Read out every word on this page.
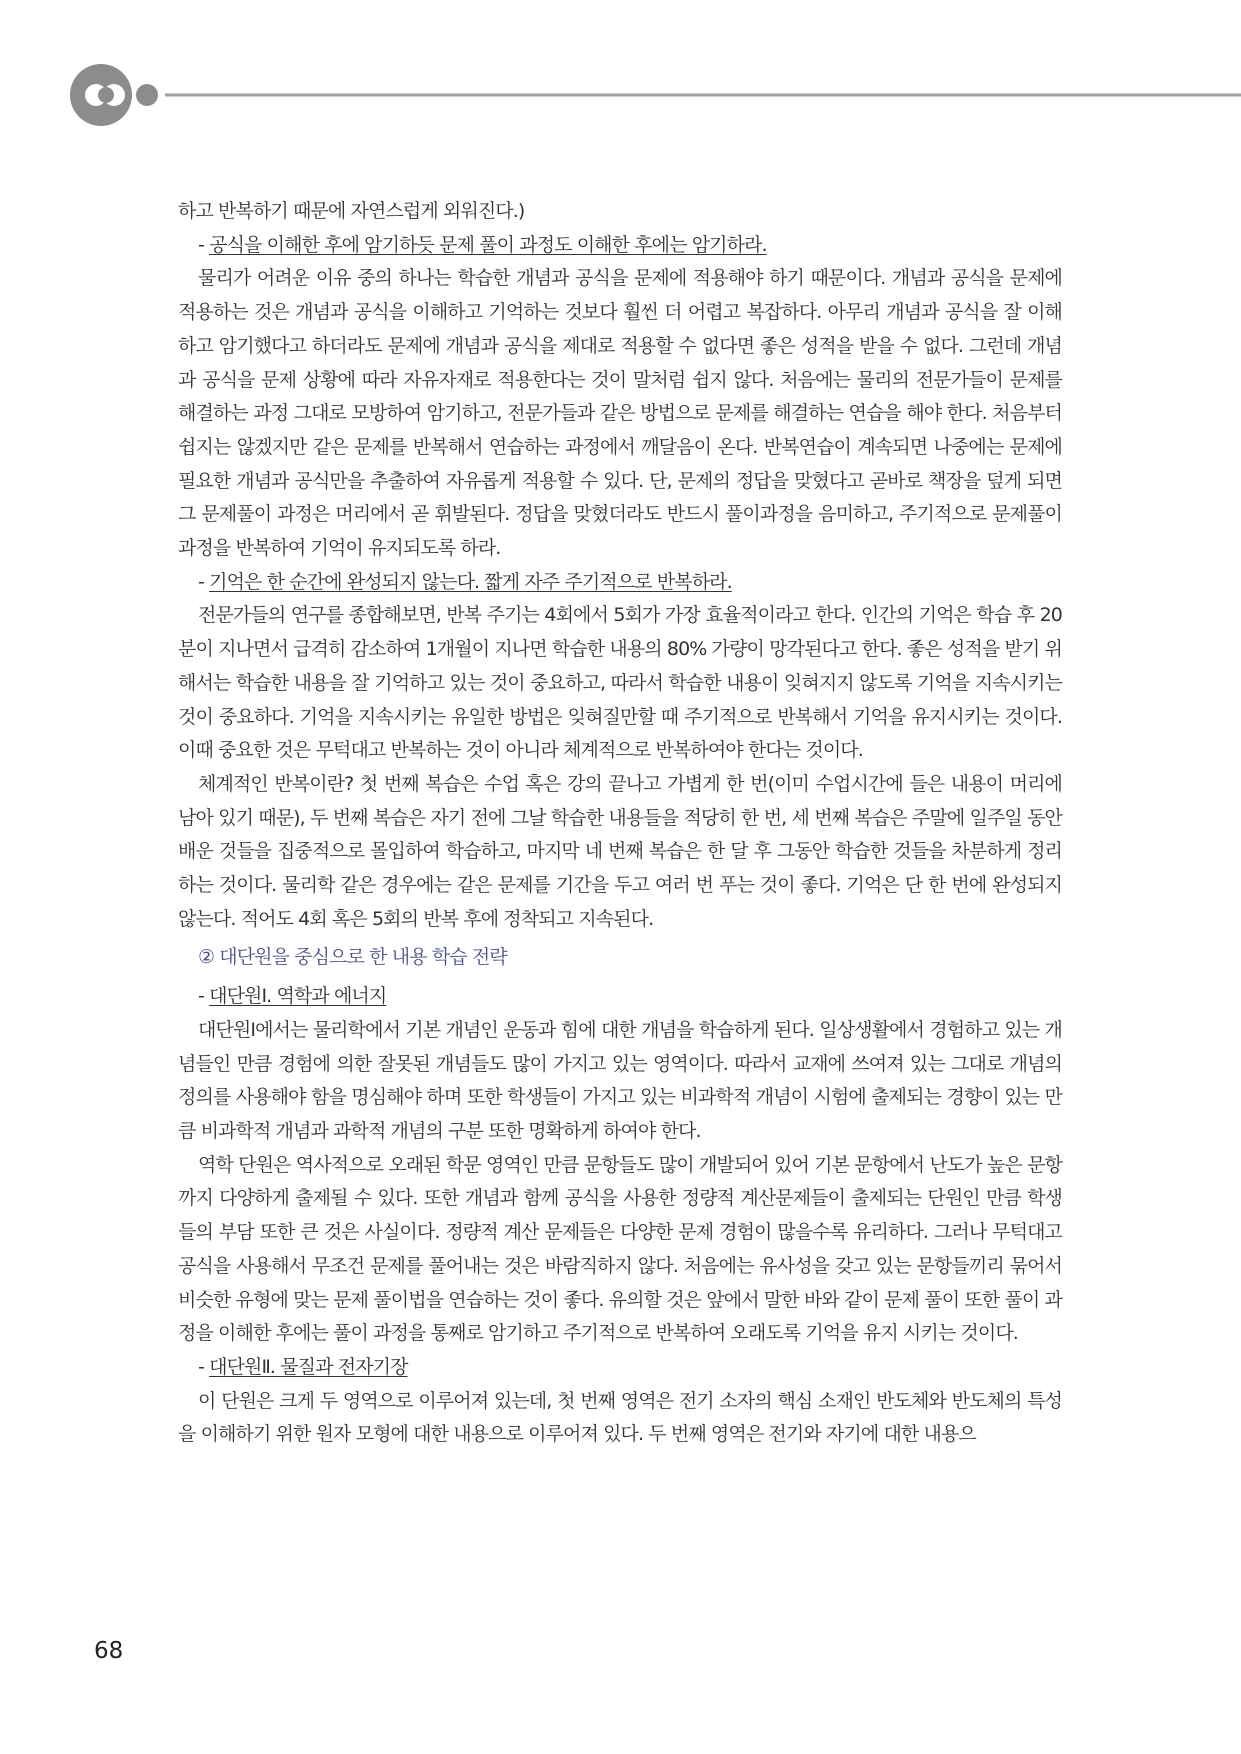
하고 반복하기 때문에 자연스럽게 외워진다.)

- 공식을 이해한 후에 암기하듯 문제 풀이 과정도 이해한 후에는 암기하라.

물리가 어려운 이유 중의 하나는 학습한 개념과 공식을 문제에 적용해야 하기 때문이다. 개념과 공식을 문제에 적용하는 것은 개념과 공식을 이해하고 기억하는 것보다 훨씬 더 어렵고 복잡하다. 아무리 개념과 공식을 잘 이해하고 암기했다고 하더라도 문제에 개념과 공식을 제대로 적용할 수 없다면 좋은 성적을 받을 수 없다. 그런데 개념과 공식을 문제 상황에 따라 자유자재로 적용한다는 것이 말처럼 쉽지 않다. 처음에는 물리의 전문가들이 문제를 해결하는 과정 그대로 모방하여 암기하고, 전문가들과 같은 방법으로 문제를 해결하는 연습을 해야 한다. 처음부터 쉽지는 않겠지만 같은 문제를 반복해서 연습하는 과정에서 깨달음이 온다. 반복연습이 계속되면 나중에는 문제에 필요한 개념과 공식만을 추출하여 자유롭게 적용할 수 있다. 단, 문제의 정답을 맞혔다고 곧바로 책장을 덮게 되면 그 문제풀이 과정은 머리에서 곧 휘발된다. 정답을 맞혔더라도 반드시 풀이과정을 음미하고, 주기적으로 문제풀이 과정을 반복하여 기억이 유지되도록 하라.

- 기억은 한 순간에 완성되지 않는다. 짧게 자주 주기적으로 반복하라.

전문가들의 연구를 종합해보면, 반복 주기는 4회에서 5회가 가장 효율적이라고 한다. 인간의 기억은 학습 후 20분이 지나면서 급격히 감소하여 1개월이 지나면 학습한 내용의 80% 가량이 망각된다고 한다. 좋은 성적을 받기 위해서는 학습한 내용을 잘 기억하고 있는 것이 중요하고, 따라서 학습한 내용이 잊혀지지 않도록 기억을 지속시키는 것이 중요하다. 기억을 지속시키는 유일한 방법은 잊혀질만할 때 주기적으로 반복해서 기억을 유지시키는 것이다. 이때 중요한 것은 무턱대고 반복하는 것이 아니라 체계적으로 반복하여야 한다는 것이다.

체계적인 반복이란? 첫 번째 복습은 수업 혹은 강의 끝나고 가볍게 한 번(이미 수업시간에 들은 내용이 머리에 남아 있기 때문), 두 번째 복습은 자기 전에 그날 학습한 내용들을 적당히 한 번, 세 번째 복습은 주말에 일주일 동안 배운 것들을 집중적으로 몰입하여 학습하고, 마지막 네 번째 복습은 한 달 후 그동안 학습한 것들을 차분하게 정리하는 것이다. 물리학 같은 경우에는 같은 문제를 기간을 두고 여러 번 푸는 것이 좋다. 기억은 단 한 번에 완성되지 않는다. 적어도 4회 혹은 5회의 반복 후에 정착되고 지속된다.

② 대단원을 중심으로 한 내용 학습 전략

- 대단원I. 역학과 에너지

대단원I에서는 물리학에서 기본 개념인 운동과 힘에 대한 개념을 학습하게 된다. 일상생활에서 경험하고 있는 개념들인 만큼 경험에 의한 잘못된 개념들도 많이 가지고 있는 영역이다. 따라서 교재에 쓰여져 있는 그대로 개념의 정의를 사용해야 함을 명심해야 하며 또한 학생들이 가지고 있는 비과학적 개념이 시험에 출제되는 경향이 있는 만큼 비과학적 개념과 과학적 개념의 구분 또한 명확하게 하여야 한다.

역학 단원은 역사적으로 오래된 학문 영역인 만큼 문항들도 많이 개발되어 있어 기본 문항에서 난도가 높은 문항까지 다양하게 출제될 수 있다. 또한 개념과 함께 공식을 사용한 정량적 계산문제들이 출제되는 단원인 만큼 학생들의 부담 또한 큰 것은 사실이다. 정량적 계산 문제들은 다양한 문제 경험이 많을수록 유리하다. 그러나 무턱대고 공식을 사용해서 무조건 문제를 풀어내는 것은 바람직하지 않다. 처음에는 유사성을 갖고 있는 문항들끼리 묶어서 비슷한 유형에 맞는 문제 풀이법을 연습하는 것이 좋다. 유의할 것은 앞에서 말한 바와 같이 문제 풀이 또한 풀이 과정을 이해한 후에는 풀이 과정을 통째로 암기하고 주기적으로 반복하여 오래도록 기억을 유지 시키는 것이다.

- 대단원Ⅱ. 물질과 전자기장

이 단원은 크게 두 영역으로 이루어져 있는데, 첫 번째 영역은 전기 소자의 핵심 소재인 반도체와 반도체의 특성을 이해하기 위한 원자 모형에 대한 내용으로 이루어져 있다. 두 번째 영역은 전기와 자기에 대한 내용으

68
